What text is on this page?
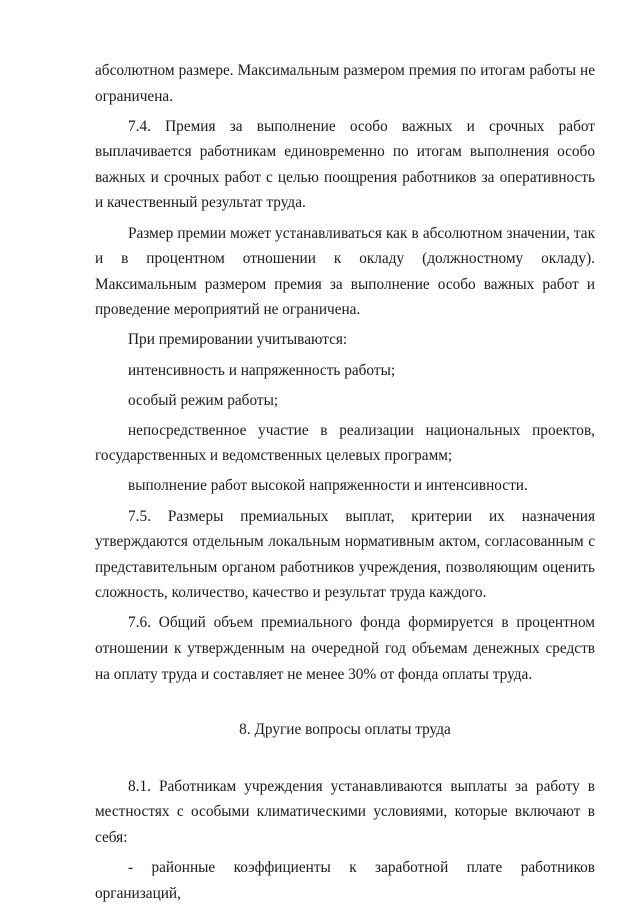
абсолютном размере. Максимальным размером премия по итогам работы не ограничена.

7.4. Премия за выполнение особо важных и срочных работ выплачивается работникам единовременно по итогам выполнения особо важных и срочных работ с целью поощрения работников за оперативность и качественный результат труда.

Размер премии может устанавливаться как в абсолютном значении, так и в процентном отношении к окладу (должностному окладу). Максимальным размером премия за выполнение особо важных работ и проведение мероприятий не ограничена.

При премировании учитываются:

интенсивность и напряженность работы;

особый режим работы;

непосредственное участие в реализации национальных проектов, государственных и ведомственных целевых программ;

выполнение работ высокой напряженности и интенсивности.

7.5. Размеры премиальных выплат, критерии их назначения утверждаются отдельным локальным нормативным актом, согласованным с представительным органом работников учреждения, позволяющим оценить сложность, количество, качество и результат труда каждого.

7.6. Общий объем премиального фонда формируется в процентном отношении к утвержденным на очередной год объемам денежных средств на оплату труда и составляет не менее 30% от фонда оплаты труда.

8. Другие вопросы оплаты труда

8.1. Работникам учреждения устанавливаются выплаты за работу в местностях с особыми климатическими условиями, которые включают в себя:

- районные коэффициенты к заработной плате работников организаций,
